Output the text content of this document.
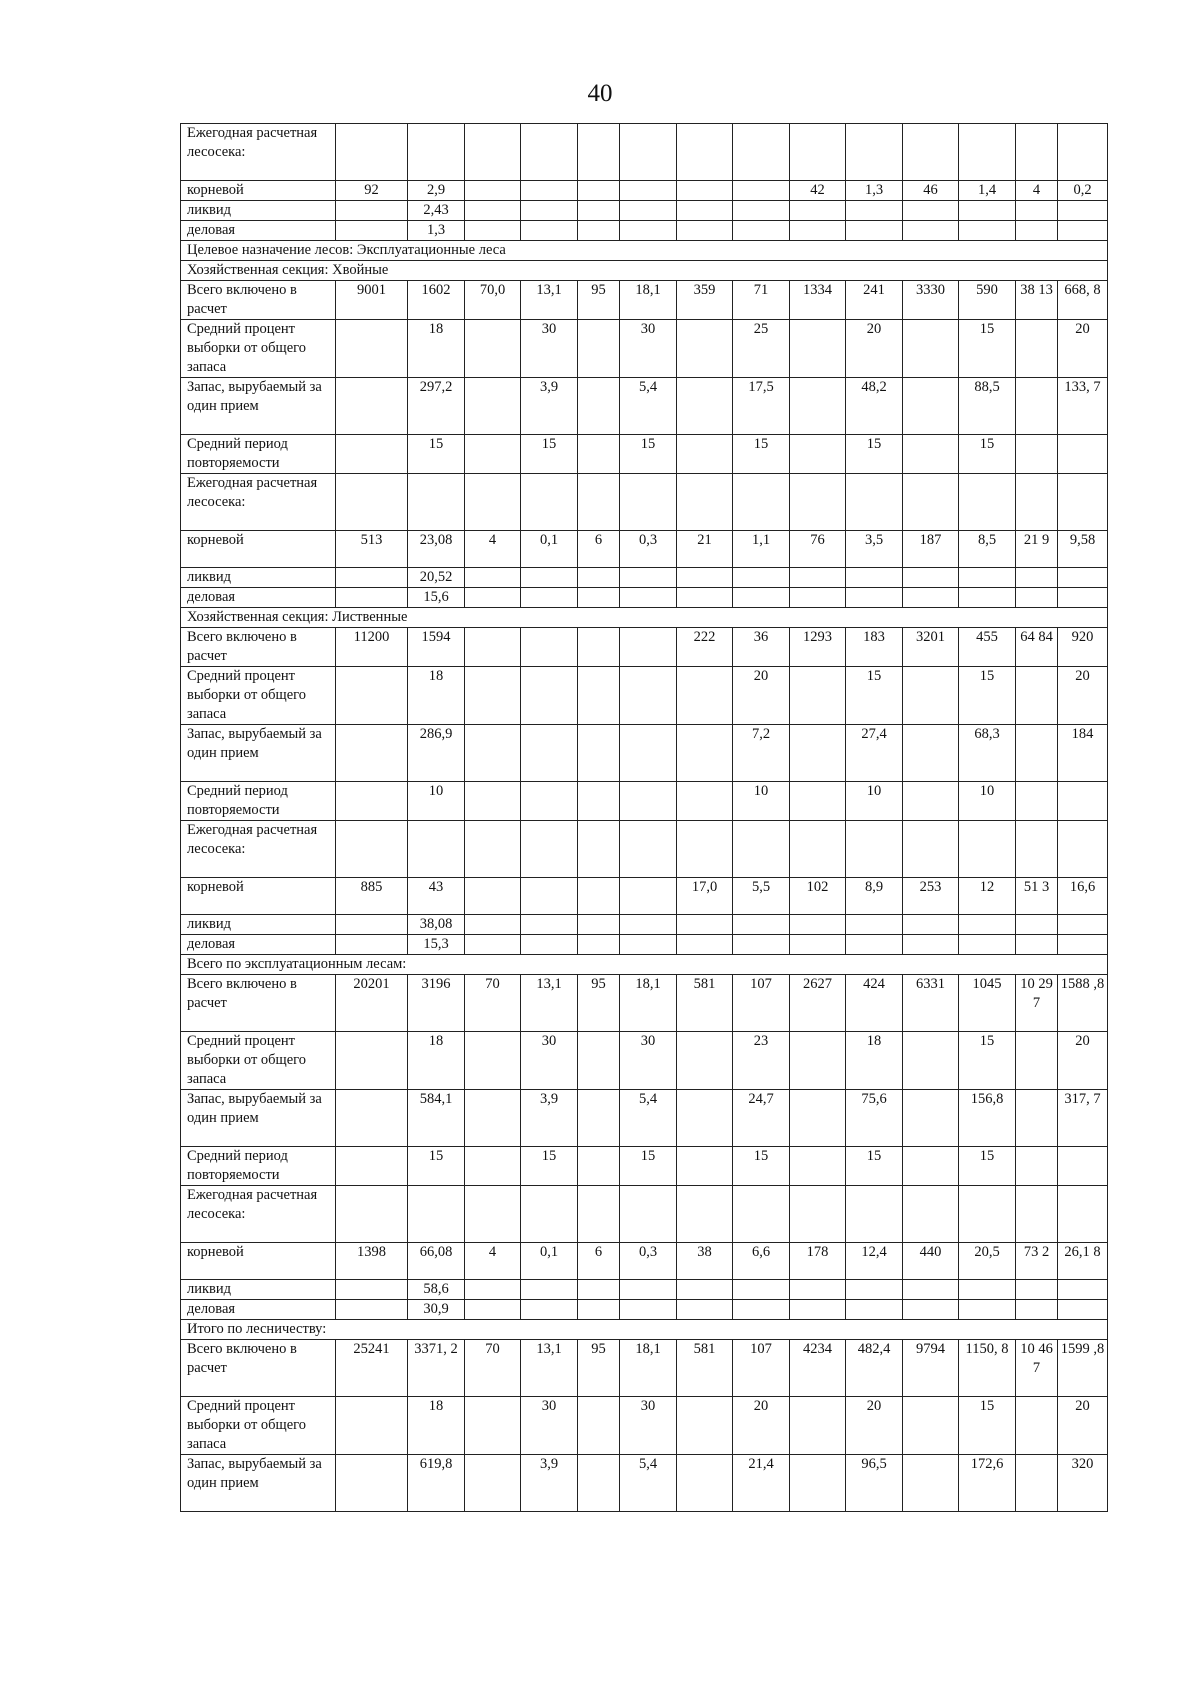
40
Ежегодная расчетная лесосека:														
корневой	92	2,9							42	1,3	46	1,4	4	0,2
ликвид		2,43												
деловая		1,3												
Целевое назначение лесов: Эксплуатационные леса														
Хозяйственная секция: Хвойные														
Всего включено в расчет	9001	1602	70,0	13,1	95	18,1	359	71	1334	241	3330	590	38 13	668, 8
Средний процент выборки от общего запаса		18		30		30		25		20		15		20
Запас, вырубаемый за один прием		297,2		3,9		5,4		17,5		48,2		88,5		133, 7
Средний период повторяемости		15		15		15		15		15		15		
Ежегодная расчетная лесосека:														
корневой	513	23,08	4	0,1	6	0,3	21	1,1	76	3,5	187	8,5	21 9	9,58
ликвид		20,52												
деловая		15,6												
Хозяйственная секция: Лиственные														
Всего включено в расчет	11200	1594					222	36	1293	183	3201	455	64 84	920
Средний процент выборки от общего запаса		18						20		15		15		20
Запас, вырубаемый за один прием		286,9						7,2		27,4		68,3		184
Средний период повторяемости		10						10		10		10		
Ежегодная расчетная лесосека:														
корневой	885	43					17,0	5,5	102	8,9	253	12	51 3	16,6
ликвид		38,08												
деловая		15,3												
Всего по эксплуатационным лесам:														
Всего включено в расчет	20201	3196	70	13,1	95	18,1	581	107	2627	424	6331	1045	10 29 7	1588 ,8
Средний процент выборки от общего запаса		18		30		30		23		18		15		20
Запас, вырубаемый за один прием		584,1		3,9		5,4		24,7		75,6		156,8		317, 7
Средний период повторяемости		15		15		15		15		15		15		
Ежегодная расчетная лесосека:														
корневой	1398	66,08	4	0,1	6	0,3	38	6,6	178	12,4	440	20,5	73 2	26,1 8
ликвид		58,6												
деловая		30,9												
Итого по лесничеству:														
Всего включено в расчет	25241	3371, 2	70	13,1	95	18,1	581	107	4234	482,4	9794	1150, 8	10 46 7	1599 ,8
Средний процент выборки от общего запаса		18		30		30		20		20		15		20
Запас, вырубаемый за один прием		619,8		3,9		5,4		21,4		96,5		172,6		320
